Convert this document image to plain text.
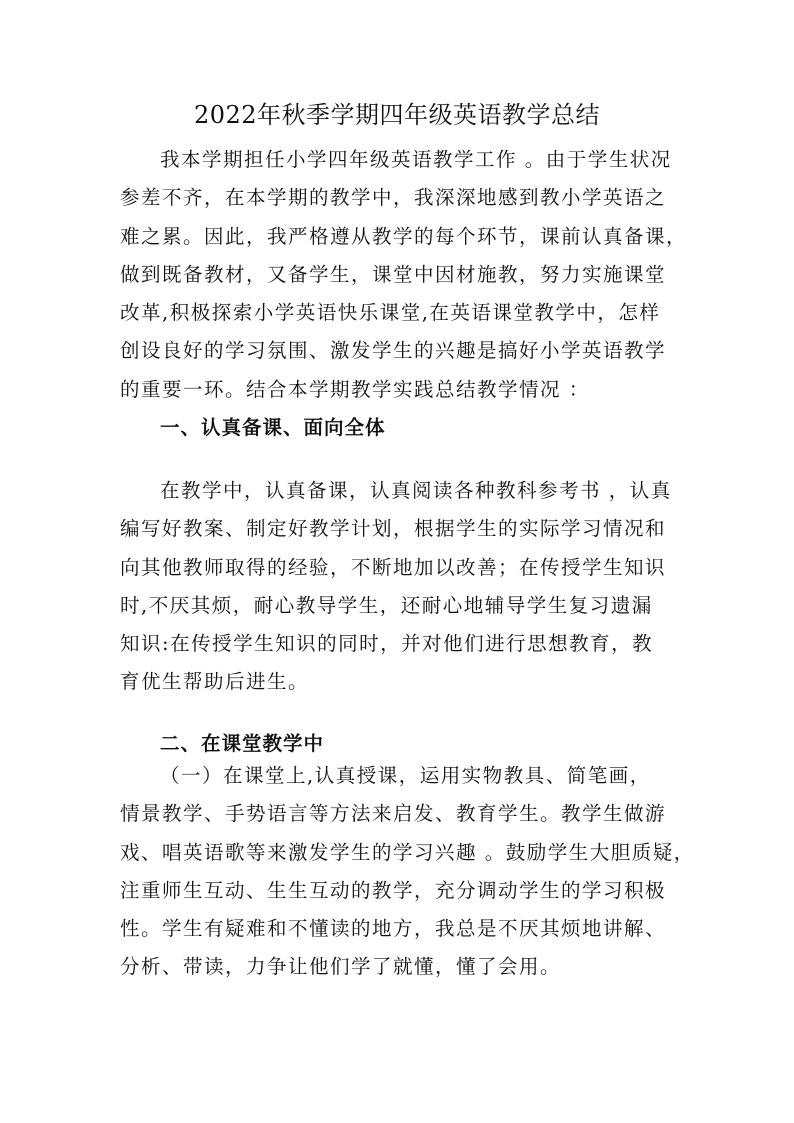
2022年秋季学期四年级英语教学总结
我本学期担任小学四年级英语教学工作 。由于学生状况
参差不齐，在本学期的教学中，我深深地感到教小学英语之
难之累。因此，我严格遵从教学的每个环节，课前认真备课，
做到既备教材，又备学生，课堂中因材施教，努力实施课堂
改革,积极探索小学英语快乐课堂,在英语课堂教学中，怎样
创设良好的学习氛围、激发学生的兴趣是搞好小学英语教学
的重要一环。结合本学期教学实践总结教学情况 ：
一、认真备课、面向全体
在教学中，认真备课，认真阅读各种教科参考书 ，认真
编写好教案、制定好教学计划，根据学生的实际学习情况和
向其他教师取得的经验，不断地加以改善；在传授学生知识
时,不厌其烦，耐心教导学生，还耐心地辅导学生复习遗漏
知识:在传授学生知识的同时，并对他们进行思想教育，教
育优生帮助后进生。
二、在课堂教学中
（一）在课堂上,认真授课，运用实物教具、简笔画，
情景教学、手势语言等方法来启发、教育学生。教学生做游
戏、唱英语歌等来激发学生的学习兴趣 。鼓励学生大胆质疑，
注重师生互动、生生互动的教学，充分调动学生的学习积极
性。学生有疑难和不懂读的地方，我总是不厌其烦地讲解、
分析、带读，力争让他们学了就懂，懂了会用。
